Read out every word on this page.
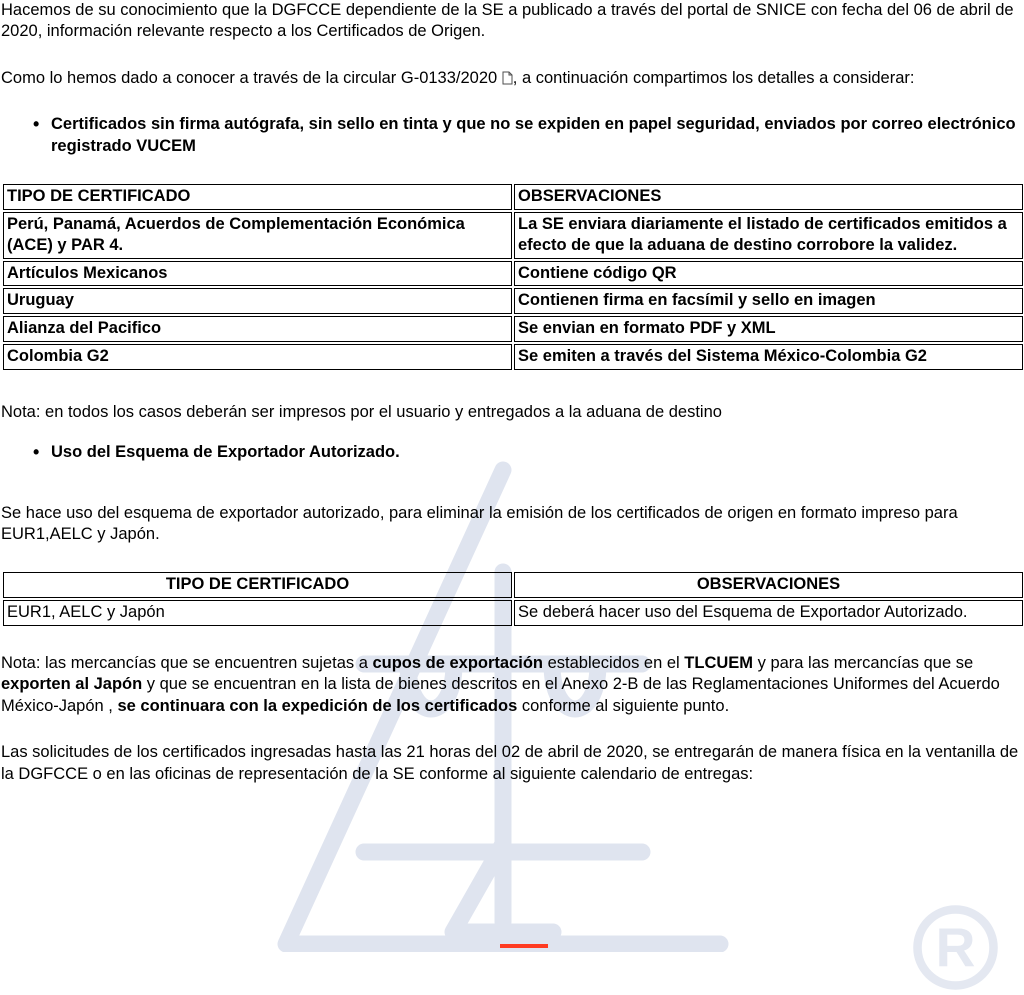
R

Hacemos de su conocimiento que la DGFCCE dependiente de la SE a publicado a través del portal de SNICE con fecha del 06 de abril de 2020, información relevante respecto a los Certificados de Origen.

Como lo hemos dado a conocer a través de la circular G-0133/2020 , a continuación compartimos los detalles a considerar:

• Certificados sin firma autógrafa, sin sello en tinta y que no se expiden en papel seguridad, enviados por correo electrónico registrado VUCEM
TIPO DE CERTIFICADO	OBSERVACIONES
Perú, Panamá, Acuerdos de Complementación Económica (ACE) y PAR 4.	La SE enviara diariamente el listado de certificados emitidos a efecto de que la aduana de destino corrobore la validez.
Artículos Mexicanos	Contiene código QR
Uruguay	Contienen firma en facsímil y sello en imagen
Alianza del Pacifico	Se envian en formato PDF y XML
Colombia G2	Se emiten a través del Sistema México-Colombia G2

Nota: en todos los casos deberán ser impresos por el usuario y entregados a la aduana de destino

• Uso del Esquema de Exportador Autorizado.

Se hace uso del esquema de exportador autorizado, para eliminar la emisión de los certificados de origen en formato impreso para EUR1,AELC y Japón.

TIPO DE CERTIFICADO	OBSERVACIONES
EUR1, AELC y Japón	Se deberá hacer uso del Esquema de Exportador Autorizado.

Nota: las mercancías que se encuentren sujetas a cupos de exportación establecidos en el TLCUEM y para las mercancías que se exporten al Japón y que se encuentran en la lista de bienes descritos en el Anexo 2-B de las Reglamentaciones Uniformes del Acuerdo México-Japón , se continuara con la expedición de los certificados conforme al siguiente punto.

Las solicitudes de los certificados ingresadas hasta las 21 horas del 02 de abril de 2020, se entregarán de manera física en la ventanilla de la DGFCCE o en las oficinas de representación de la SE conforme al siguiente calendario de entregas:
